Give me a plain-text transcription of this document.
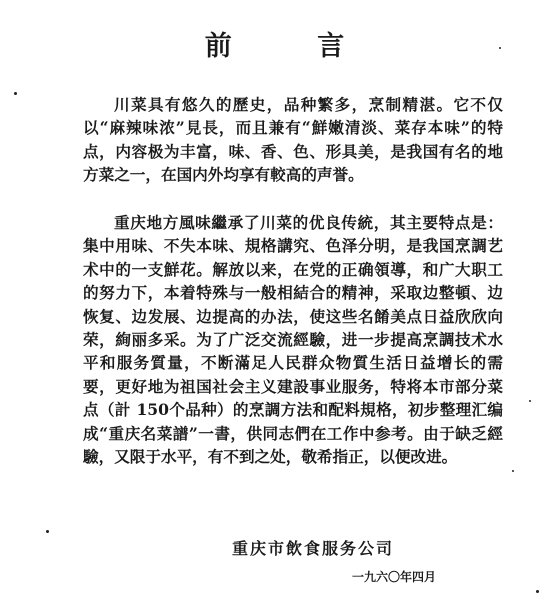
前 言

川菜具有悠久的歷史，品种繁多，烹制精湛。它不仅以“麻辣味浓”見長，而且兼有“鮮嫩清淡、菜存本味”的特点，内容极为丰富，味、香、色、形具美，是我国有名的地方菜之一，在国内外均享有較高的声誉。

重庆地方風味繼承了川菜的优良传統，其主要特点是：集中用味、不失本味、規格講究、色泽分明，是我国烹調艺术中的一支鮮花。解放以来，在党的正确領導，和广大职工的努力下，本着特殊与一般相結合的精神，采取边整頓、边恢复、边发展、边提高的办法，使这些名餚美点日益欣欣向荣，絢丽多采。为了广泛交流經驗，进一步提高烹調技术水平和服务質量，不断滿足人民群众物質生活日益增长的需要，更好地为祖国社会主义建設事业服务，特将本市部分菜点（計 150个品种）的烹調方法和配料規格，初步整理汇编成“重庆名菜譜”一書，供同志們在工作中参考。由于缺乏經驗，又限于水平，有不到之处，敬希指正，以便改进。

重庆市飲食服务公司
一九六〇年四月
